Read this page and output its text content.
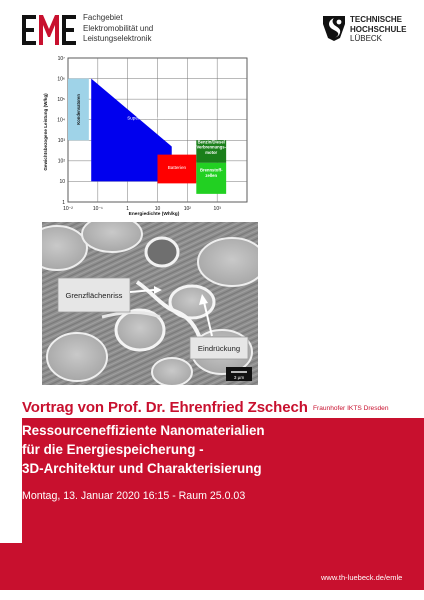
Fachgebiet
Elektromobilität und
Leistungselektronik
TECHNISCHE
HOCHSCHULE
LÜBECK
10⁻²	10⁻¹	1	10	10²	10³
1
10
10²
10³
10⁴
10⁵
10⁶
10⁷
Kondensatoren	Superkondensatoren
Batterien
Benzin/Diesel
Verbrennungs-
motor
Brennstoff-
zellen
Energiedichte (Wh/kg)
Gewichtsbezogene Leistung (W/kg)
Grenzflächenriss
Eindrückung
3 µm
Vortrag von Prof. Dr. Ehrenfried Zschech Fraunhofer IKTS Dresden
Ressourceneffiziente Nanomaterialien
für die Energiespeicherung -
3D-Architektur und Charakterisierung
Montag, 13. Januar 2020 16:15 - Raum 25.0.03
www.th-luebeck.de/emle
